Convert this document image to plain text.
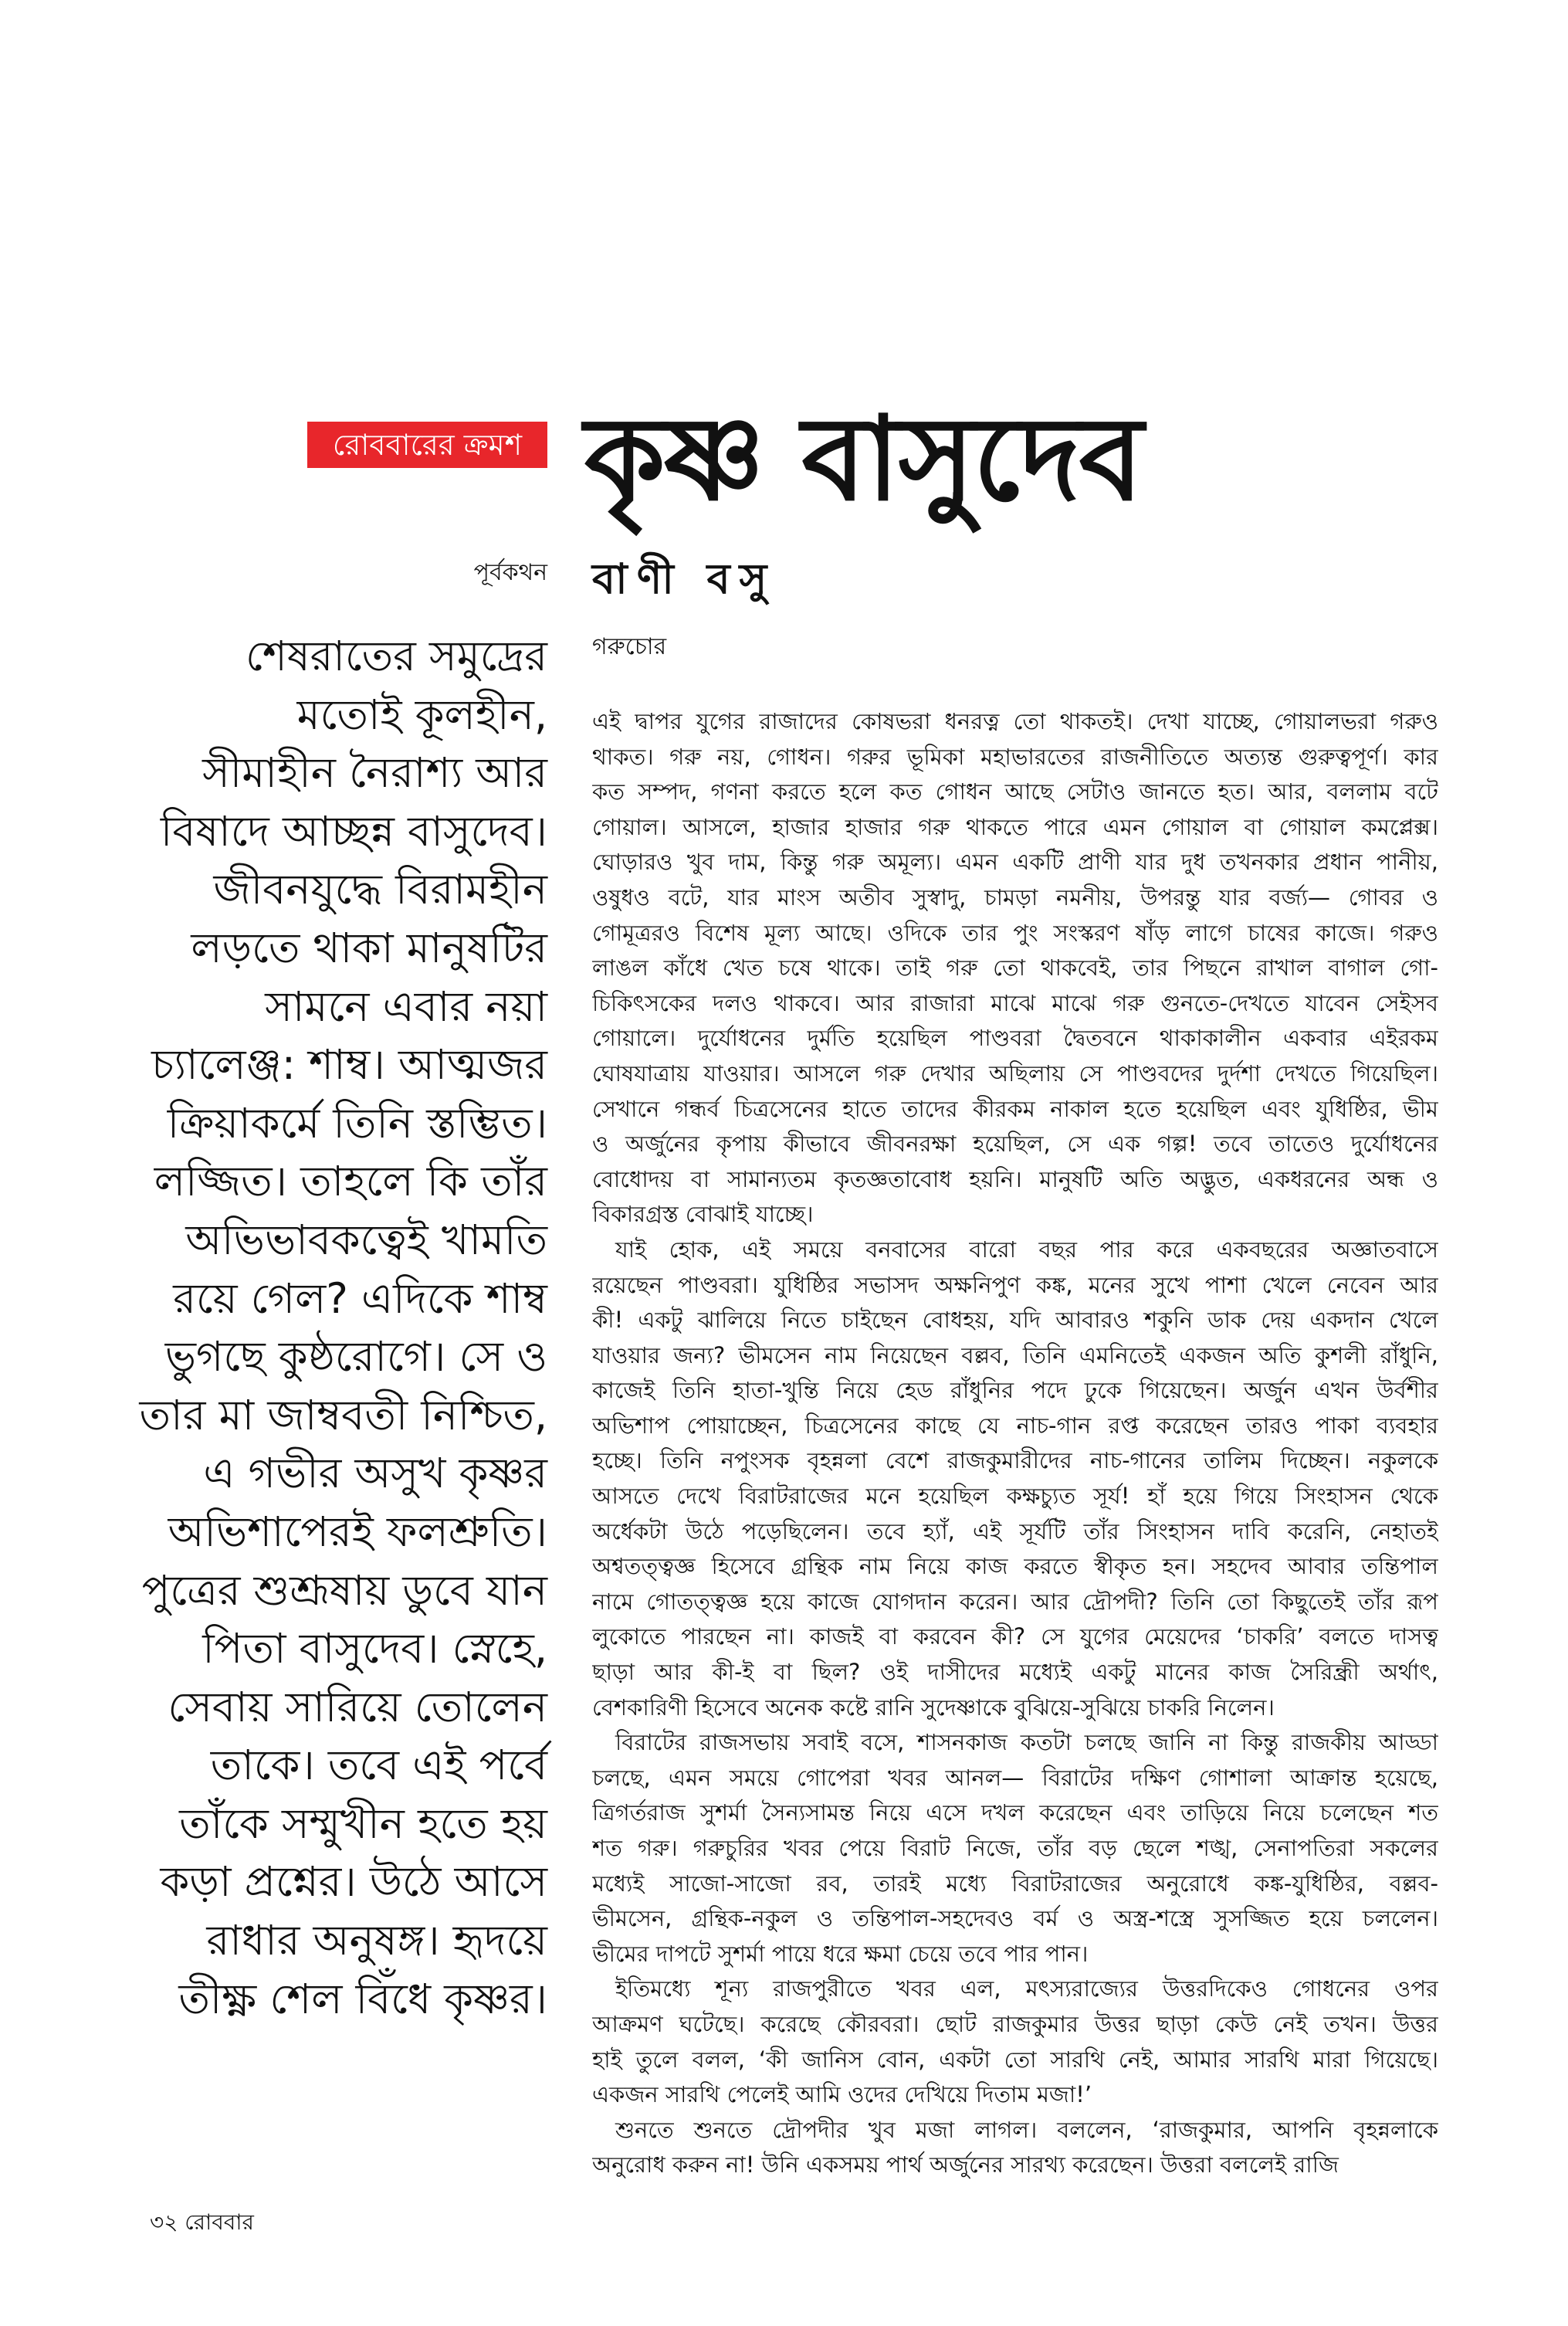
রোববারের ক্রমশ কৃষ্ণ বাসুদেব
পূর্বকথন বাণী বসু
গরুচোর
শেষরাতের সমুদ্রের
মতোই কূলহীন,
সীমাহীন নৈরাশ্য আর
বিষাদে আচ্ছন্ন বাসুদেব।
জীবনযুদ্ধে বিরামহীন
লড়তে থাকা মানুষটির
সামনে এবার নয়া
চ্যালেঞ্জ: শাম্ব। আত্মজর
ক্রিয়াকর্মে তিনি স্তম্ভিত।
লজ্জিত। তাহলে কি তাঁর
অভিভাবকত্বেই খামতি
রয়ে গেল? এদিকে শাম্ব
ভুগছে কুষ্ঠরোগে। সে ও
তার মা জাম্ববতী নিশ্চিত,
এ গভীর অসুখ কৃষ্ণর
অভিশাপেরই ফলশ্রুতি।
পুত্রের শুশ্রূষায় ডুবে যান
পিতা বাসুদেব। স্নেহে,
সেবায় সারিয়ে তোলেন
তাকে। তবে এই পর্বে
তাঁকে সম্মুখীন হতে হয়
কড়া প্রশ্নের। উঠে আসে
রাধার অনুষঙ্গ। হৃদয়ে
তীক্ষ্ণ শেল বিঁধে কৃষ্ণর।
এই দ্বাপর যুগের রাজাদের কোষভরা ধনরত্ন তো থাকতই। দেখা যাচ্ছে, গোয়ালভরা গরুও
থাকত। গরু নয়, গোধন। গরুর ভূমিকা মহাভারতের রাজনীতিতে অত্যন্ত গুরুত্বপূর্ণ। কার
কত সম্পদ, গণনা করতে হলে কত গোধন আছে সেটাও জানতে হত। আর, বললাম বটে
গোয়াল। আসলে, হাজার হাজার গরু থাকতে পারে এমন গোয়াল বা গোয়াল কমপ্লেক্স।
ঘোড়ারও খুব দাম, কিন্তু গরু অমূল্য। এমন একটি প্রাণী যার দুধ তখনকার প্রধান পানীয়,
ওষুধও বটে, যার মাংস অতীব সুস্বাদু, চামড়া নমনীয়, উপরন্তু যার বর্জ্য— গোবর ও
গোমূত্ররও বিশেষ মূল্য আছে। ওদিকে তার পুং সংস্করণ ষাঁড় লাগে চাষের কাজে। গরুও
লাঙল কাঁধে খেত চষে থাকে। তাই গরু তো থাকবেই, তার পিছনে রাখাল বাগাল গো-
চিকিৎসকের দলও থাকবে। আর রাজারা মাঝে মাঝে গরু গুনতে-দেখতে যাবেন সেইসব
গোয়ালে। দুর্যোধনের দুর্মতি হয়েছিল পাণ্ডবরা দ্বৈতবনে থাকাকালীন একবার এইরকম
ঘোষযাত্রায় যাওয়ার। আসলে গরু দেখার অছিলায় সে পাণ্ডবদের দুর্দশা দেখতে গিয়েছিল।
সেখানে গন্ধর্ব চিত্রসেনের হাতে তাদের কীরকম নাকাল হতে হয়েছিল এবং যুধিষ্ঠির, ভীম
ও অর্জুনের কৃপায় কীভাবে জীবনরক্ষা হয়েছিল, সে এক গল্প! তবে তাতেও দুর্যোধনের
বোধোদয় বা সামান্যতম কৃতজ্ঞতাবোধ হয়নি। মানুষটি অতি অদ্ভুত, একধরনের অন্ধ ও
বিকারগ্রস্ত বোঝাই যাচ্ছে।
যাই হোক, এই সময়ে বনবাসের বারো বছর পার করে একবছরের অজ্ঞাতবাসে
রয়েছেন পাণ্ডবরা। যুধিষ্ঠির সভাসদ অক্ষনিপুণ কঙ্ক, মনের সুখে পাশা খেলে নেবেন আর
কী! একটু ঝালিয়ে নিতে চাইছেন বোধহয়, যদি আবারও শকুনি ডাক দেয় একদান খেলে
যাওয়ার জন্য? ভীমসেন নাম নিয়েছেন বল্লব, তিনি এমনিতেই একজন অতি কুশলী রাঁধুনি,
কাজেই তিনি হাতা-খুন্তি নিয়ে হেড রাঁধুনির পদে ঢুকে গিয়েছেন। অর্জুন এখন উর্বশীর
অভিশাপ পোয়াচ্ছেন, চিত্রসেনের কাছে যে নাচ-গান রপ্ত করেছেন তারও পাকা ব্যবহার
হচ্ছে। তিনি নপুংসক বৃহন্নলা বেশে রাজকুমারীদের নাচ-গানের তালিম দিচ্ছেন। নকুলকে
আসতে দেখে বিরাটরাজের মনে হয়েছিল কক্ষচ্যুত সূর্য! হাঁ হয়ে গিয়ে সিংহাসন থেকে
অর্ধেকটা উঠে পড়েছিলেন। তবে হ্যাঁ, এই সূর্যটি তাঁর সিংহাসন দাবি করেনি, নেহাতই
অশ্বতত্ত্বজ্ঞ হিসেবে গ্রন্থিক নাম নিয়ে কাজ করতে স্বীকৃত হন। সহদেব আবার তন্তিপাল
নামে গোতত্ত্বজ্ঞ হয়ে কাজে যোগদান করেন। আর দ্রৌপদী? তিনি তো কিছুতেই তাঁর রূপ
লুকোতে পারছেন না। কাজই বা করবেন কী? সে যুগের মেয়েদের ‘চাকরি’ বলতে দাসত্ব
ছাড়া আর কী-ই বা ছিল? ওই দাসীদের মধ্যেই একটু মানের কাজ সৈরিন্ধ্রী অর্থাৎ,
বেশকারিণী হিসেবে অনেক কষ্টে রানি সুদেষ্ণাকে বুঝিয়ে-সুঝিয়ে চাকরি নিলেন।
বিরাটের রাজসভায় সবাই বসে, শাসনকাজ কতটা চলছে জানি না কিন্তু রাজকীয় আড্ডা
চলছে, এমন সময়ে গোপেরা খবর আনল— বিরাটের দক্ষিণ গোশালা আক্রান্ত হয়েছে,
ত্রিগর্তরাজ সুশর্মা সৈন্যসামন্ত নিয়ে এসে দখল করেছেন এবং তাড়িয়ে নিয়ে চলেছেন শত
শত গরু। গরুচুরির খবর পেয়ে বিরাট নিজে, তাঁর বড় ছেলে শঙ্খ, সেনাপতিরা সকলের
মধ্যেই সাজো-সাজো রব, তারই মধ্যে বিরাটরাজের অনুরোধে কঙ্ক-যুধিষ্ঠির, বল্লব-
ভীমসেন, গ্রন্থিক-নকুল ও তন্তিপাল-সহদেবও বর্ম ও অস্ত্র-শস্ত্রে সুসজ্জিত হয়ে চললেন।
ভীমের দাপটে সুশর্মা পায়ে ধরে ক্ষমা চেয়ে তবে পার পান।
ইতিমধ্যে শূন্য রাজপুরীতে খবর এল, মৎস্যরাজ্যের উত্তরদিকেও গোধনের ওপর
আক্রমণ ঘটেছে। করেছে কৌরবরা। ছোট রাজকুমার উত্তর ছাড়া কেউ নেই তখন। উত্তর
হাই তুলে বলল, ‘কী জানিস বোন, একটা তো সারথি নেই, আমার সারথি মারা গিয়েছে।
একজন সারথি পেলেই আমি ওদের দেখিয়ে দিতাম মজা!’
শুনতে শুনতে দ্রৌপদীর খুব মজা লাগল। বললেন, ‘রাজকুমার, আপনি বৃহন্নলাকে
অনুরোধ করুন না! উনি একসময় পার্থ অর্জুনের সারথ্য করেছেন। উত্তরা বললেই রাজি
৩২ রোববার
